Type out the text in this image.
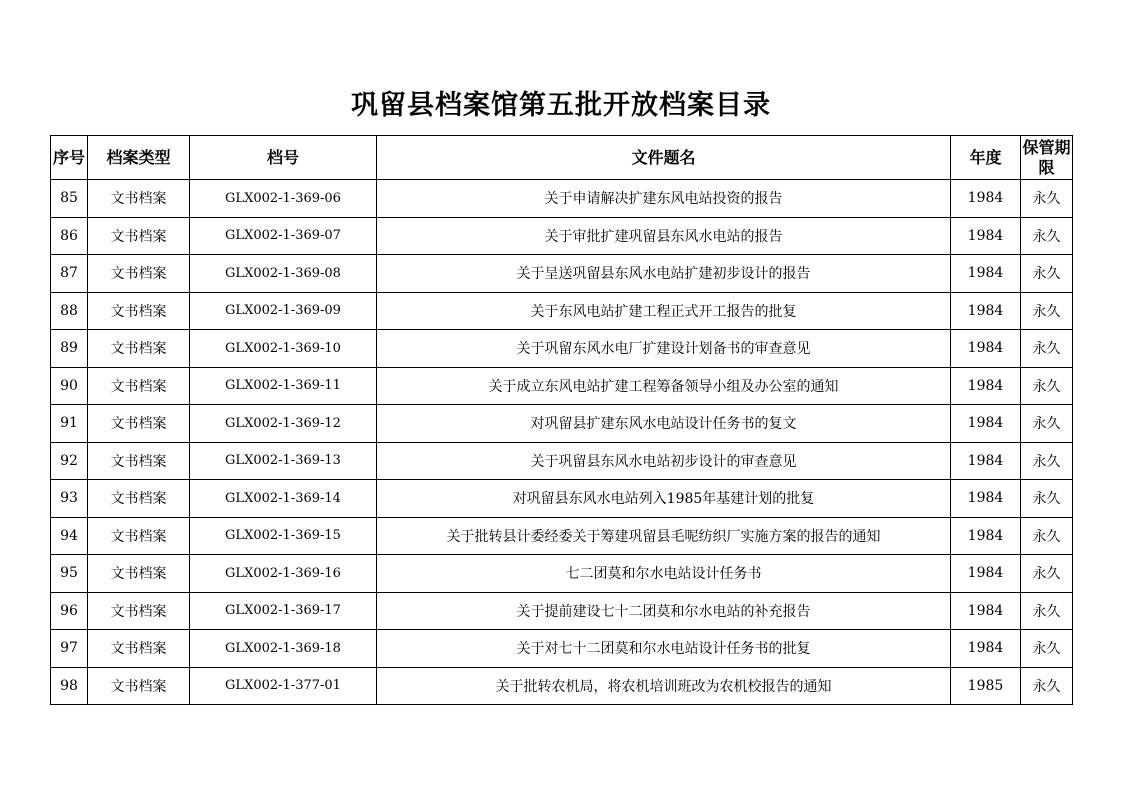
巩留县档案馆第五批开放档案目录
序号	档案类型	档号	文件题名	年度	保管期限
85	文书档案	GLX002-1-369-06	关于申请解决扩建东风电站投资的报告	1984	永久
86	文书档案	GLX002-1-369-07	关于审批扩建巩留县东风水电站的报告	1984	永久
87	文书档案	GLX002-1-369-08	关于呈送巩留县东风水电站扩建初步设计的报告	1984	永久
88	文书档案	GLX002-1-369-09	关于东风电站扩建工程正式开工报告的批复	1984	永久
89	文书档案	GLX002-1-369-10	关于巩留东风水电厂扩建设计划备书的审查意见	1984	永久
90	文书档案	GLX002-1-369-11	关于成立东风电站扩建工程筹备领导小组及办公室的通知	1984	永久
91	文书档案	GLX002-1-369-12	对巩留县扩建东风水电站设计任务书的复文	1984	永久
92	文书档案	GLX002-1-369-13	关于巩留县东风水电站初步设计的审查意见	1984	永久
93	文书档案	GLX002-1-369-14	对巩留县东风水电站列入1985年基建计划的批复	1984	永久
94	文书档案	GLX002-1-369-15	关于批转县计委经委关于筹建巩留县毛呢纺织厂实施方案的报告的通知	1984	永久
95	文书档案	GLX002-1-369-16	七二团莫和尔水电站设计任务书	1984	永久
96	文书档案	GLX002-1-369-17	关于提前建设七十二团莫和尔水电站的补充报告	1984	永久
97	文书档案	GLX002-1-369-18	关于对七十二团莫和尔水电站设计任务书的批复	1984	永久
98	文书档案	GLX002-1-377-01	关于批转农机局，将农机培训班改为农机校报告的通知	1985	永久
